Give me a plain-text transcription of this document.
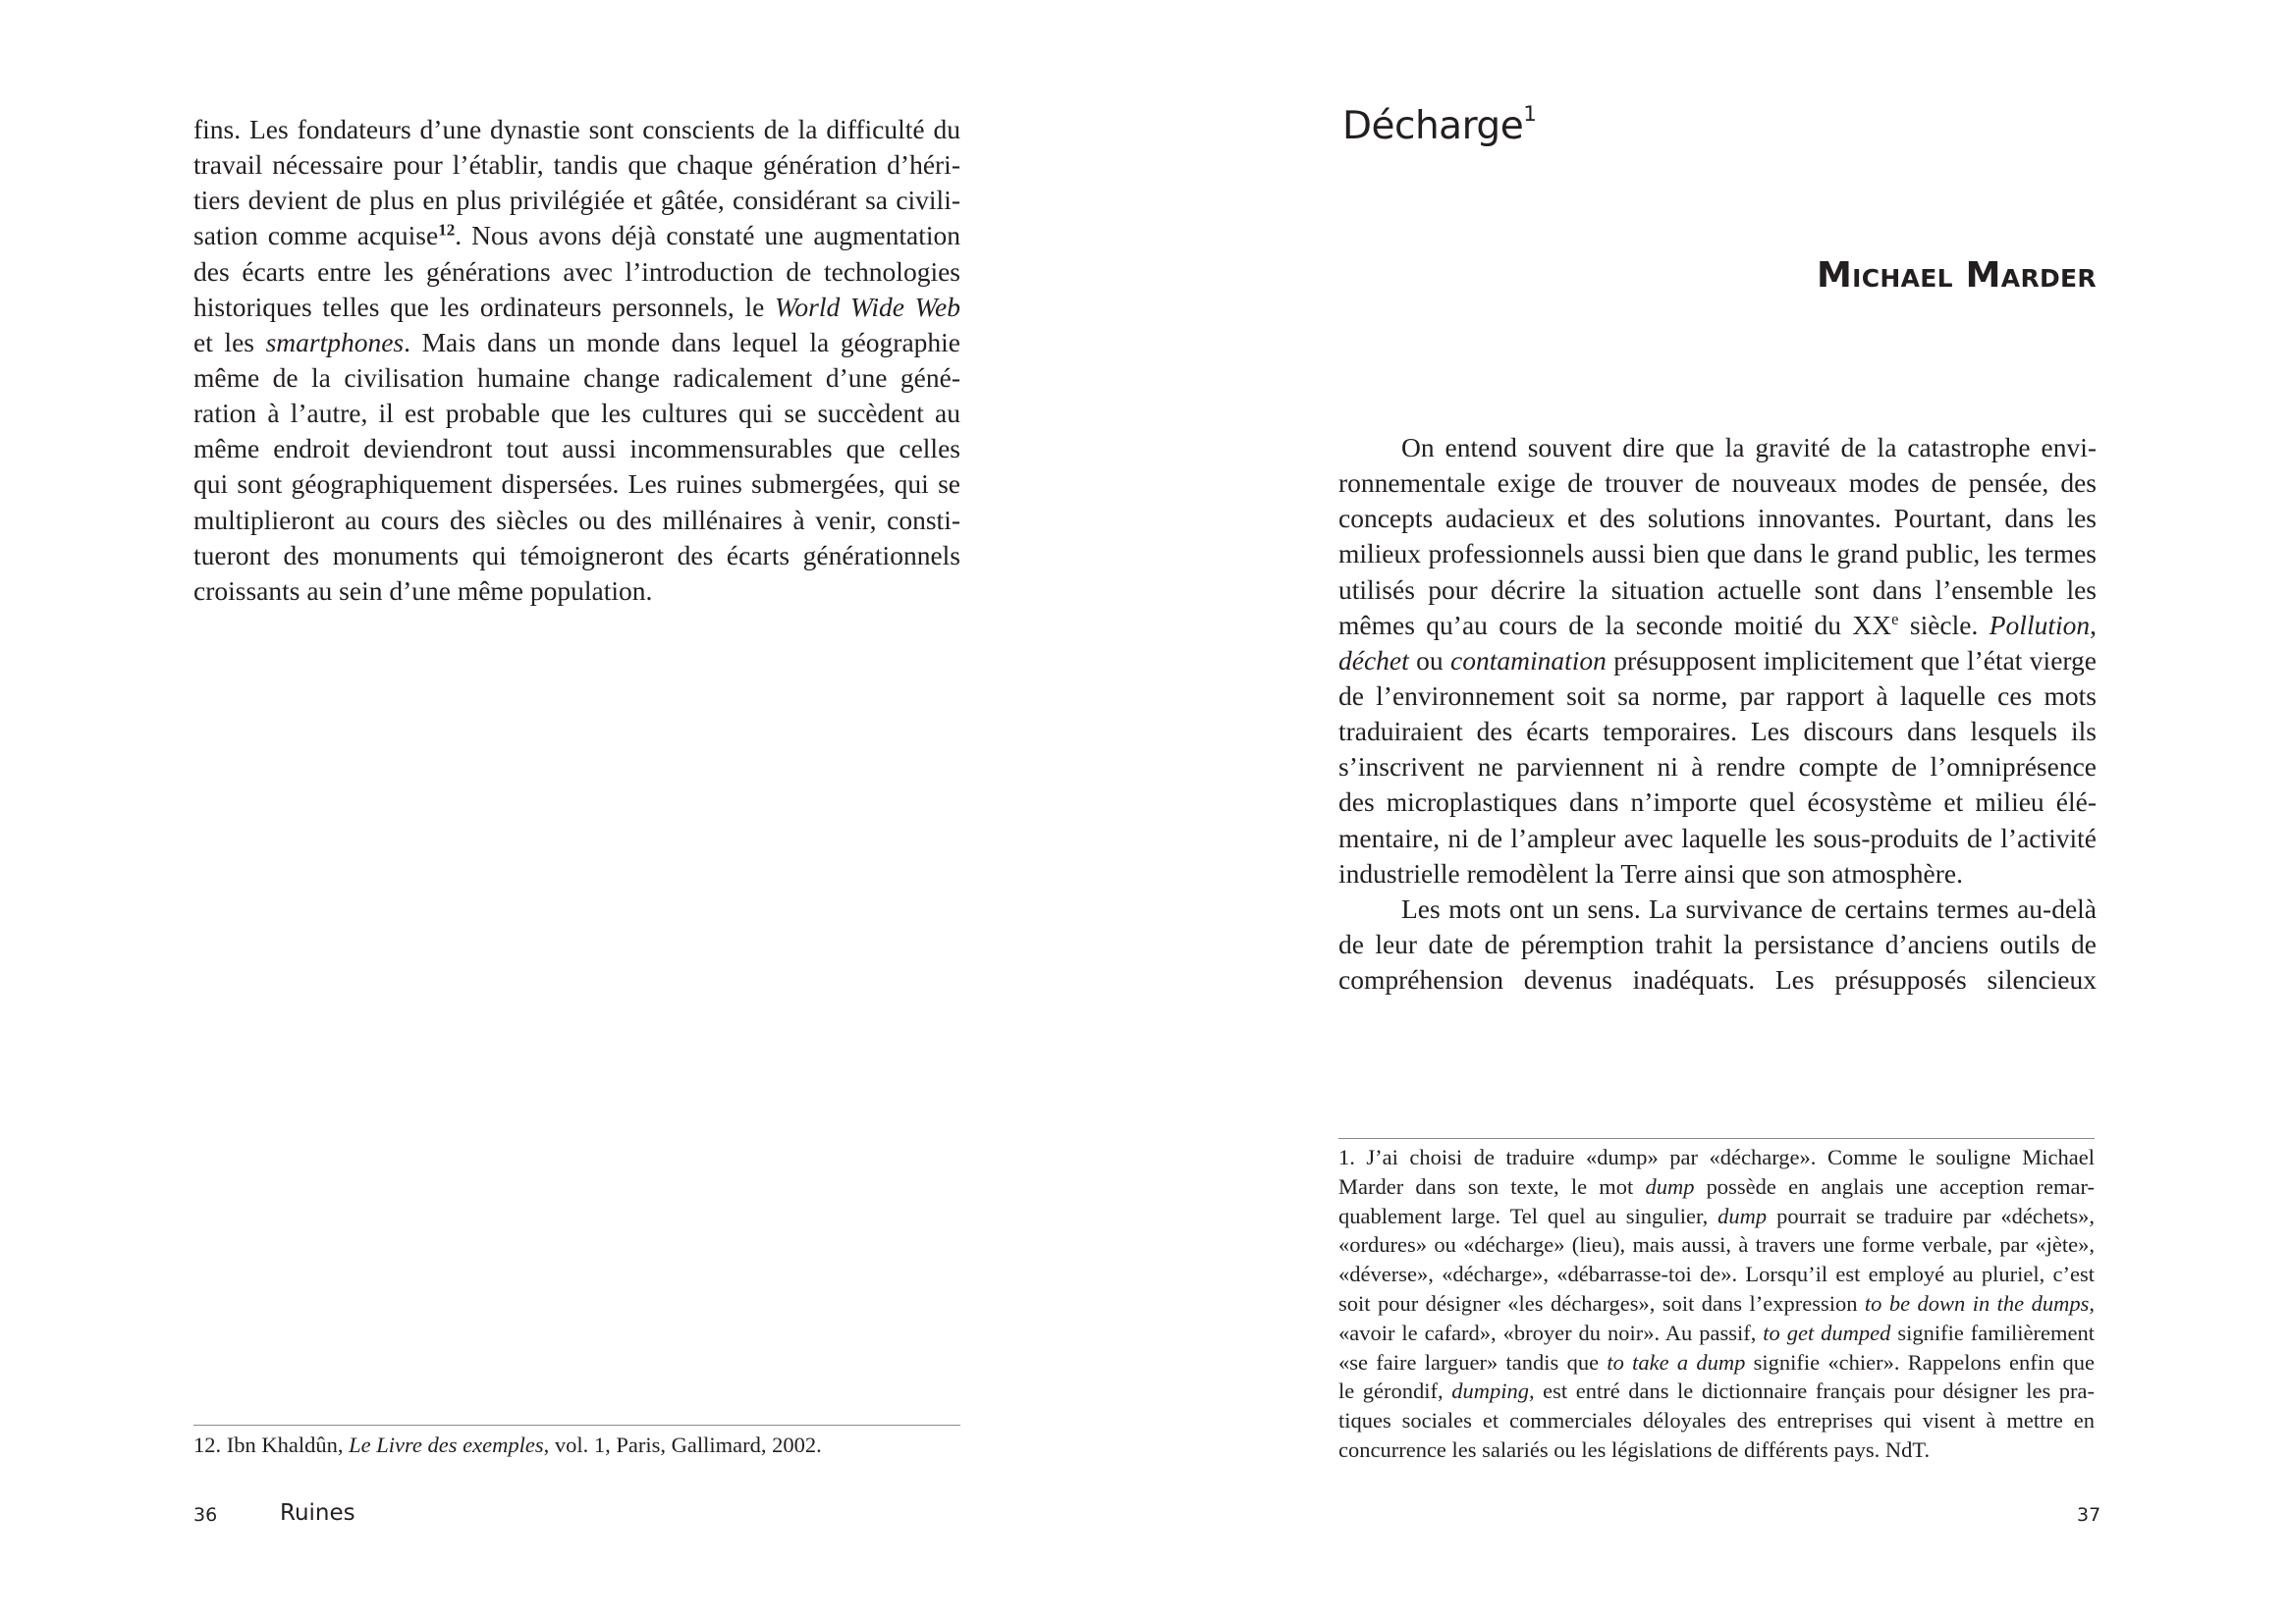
fins. Les fondateurs d’une dynastie sont conscients de la difficulté du
travail nécessaire pour l’établir, tandis que chaque génération d’héri-
tiers devient de plus en plus privilégiée et gâtée, considérant sa civili-
sation comme acquise$^{12}$. Nous avons déjà constaté une augmentation
des écarts entre les générations avec l’introduction de technologies
historiques telles que les ordinateurs personnels, le World Wide Web
et les smartphones. Mais dans un monde dans lequel la géographie
même de la civilisation humaine change radicalement d’une géné-
ration à l’autre, il est probable que les cultures qui se succèdent au
même endroit deviendront tout aussi incommensurables que celles
qui sont géographiquement dispersées. Les ruines submergées, qui se
multiplieront au cours des siècles ou des millénaires à venir, consti-
tueront des monuments qui témoigneront des écarts générationnels
croissants au sein d’une même population.
12. Ibn Khaldûn, Le Livre des exemples, vol. 1, Paris, Gallimard, 2002.
36	Ruines
Décharge$^1$
Michael Marder
On entend souvent dire que la gravité de la catastrophe envi-
ronnementale exige de trouver de nouveaux modes de pensée, des
concepts audacieux et des solutions innovantes. Pourtant, dans les
milieux professionnels aussi bien que dans le grand public, les termes
utilisés pour décrire la situation actuelle sont dans l’ensemble les
mêmes qu’au cours de la seconde moitié du XXe siècle. Pollution,
déchet ou contamination présupposent implicitement que l’état vierge
de l’environnement soit sa norme, par rapport à laquelle ces mots
traduiraient des écarts temporaires. Les discours dans lesquels ils
s’inscrivent ne parviennent ni à rendre compte de l’omniprésence
des microplastiques dans n’importe quel écosystème et milieu élé-
mentaire, ni de l’ampleur avec laquelle les sous-produits de l’activité
industrielle remodèlent la Terre ainsi que son atmosphère.
Les mots ont un sens. La survivance de certains termes au-delà
de leur date de péremption trahit la persistance d’anciens outils de
compréhension devenus inadéquats. Les présupposés silencieux
1. J’ai choisi de traduire «dump» par «décharge». Comme le souligne Michael
Marder dans son texte, le mot dump possède en anglais une acception remar-
quablement large. Tel quel au singulier, dump pourrait se traduire par «déchets»,
«ordures» ou «décharge» (lieu), mais aussi, à travers une forme verbale, par «jète»,
«déverse», «décharge», «débarrasse-toi de». Lorsqu’il est employé au pluriel, c’est
soit pour désigner «les décharges», soit dans l’expression to be down in the dumps,
«avoir le cafard», «broyer du noir». Au passif, to get dumped signifie familièrement
«se faire larguer» tandis que to take a dump signifie «chier». Rappelons enfin que
le gérondif, dumping, est entré dans le dictionnaire français pour désigner les pra-
tiques sociales et commerciales déloyales des entreprises qui visent à mettre en
concurrence les salariés ou les législations de différents pays. NdT.
37
